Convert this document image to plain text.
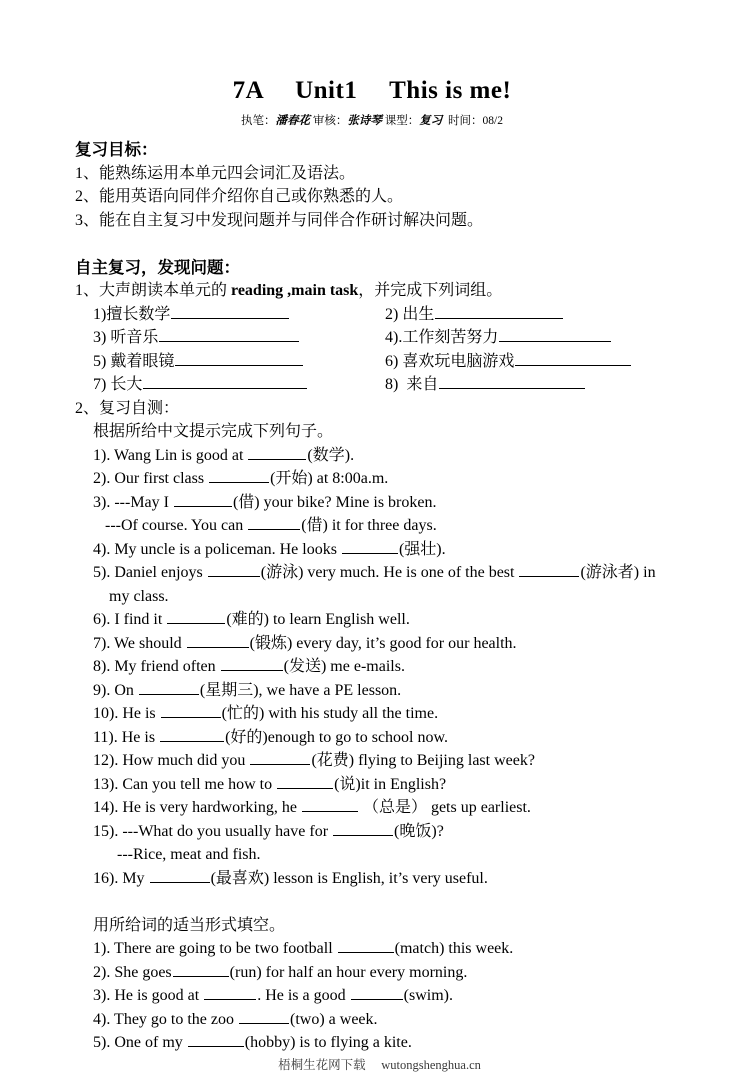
7A　 Unit1　 This is me!

执笔：潘春花 审核：张诗琴 课型：复习 时间：08/2

复习目标：

1、能熟练运用本单元四会词汇及语法。

2、能用英语向同伴介绍你自己或你熟悉的人。

3、能在自主复习中发现问题并与同伴合作研讨解决问题。

自主复习，发现问题：

1、大声朗读本单元的 reading ,main task，并完成下列词组。

1) 擅长数学	2) 出生
3) 听音乐	4). 工作刻苦努力
5) 戴着眼镜	6) 喜欢玩电脑游戏
7) 长大	8) 来自

2、复习自测：

根据所给中文提示完成下列句子。

1). Wang Lin is good at	(数学).

2). Our first class	(开始) at 8:00a.m.

3). ---May I	(借) your bike? Mine is broken.

---Of course. You can	(借) it for three days.

4). My uncle is a policeman. He looks	(强壮).

5). Daniel enjoys	(游泳) very much. He is one of the best	(游泳者) in

my class.

6). I find it	(难的) to learn English well.

7). We should	(锻炼) every day, it’s good for our health.

8). My friend often	(发送) me e-mails.

9). On	(星期三), we have a PE lesson.

10). He is	(忙的) with his study all the time.

11). He is	(好的)enough to go to school now.

12). How much did you	(花费) flying to Beijing last week?

13). Can you tell me how to	(说)it in English?

14). He is very hardworking, he	（总是） gets up earliest.

15). ---What do you usually have for	(晚饭)?

---Rice, meat and fish.

16). My	(最喜欢) lesson is English, it’s very useful.

用所给词的适当形式填空。

1). There are going to be two football	(match) this week.

2). She goes	(run) for half an hour every morning.

3). He is good at	. He is a good	(swim).

4). They go to the zoo	(two) a week.

5). One of my	(hobby) is to flying a kite.

梧桐生花网下载 wutongshenghua.cn
